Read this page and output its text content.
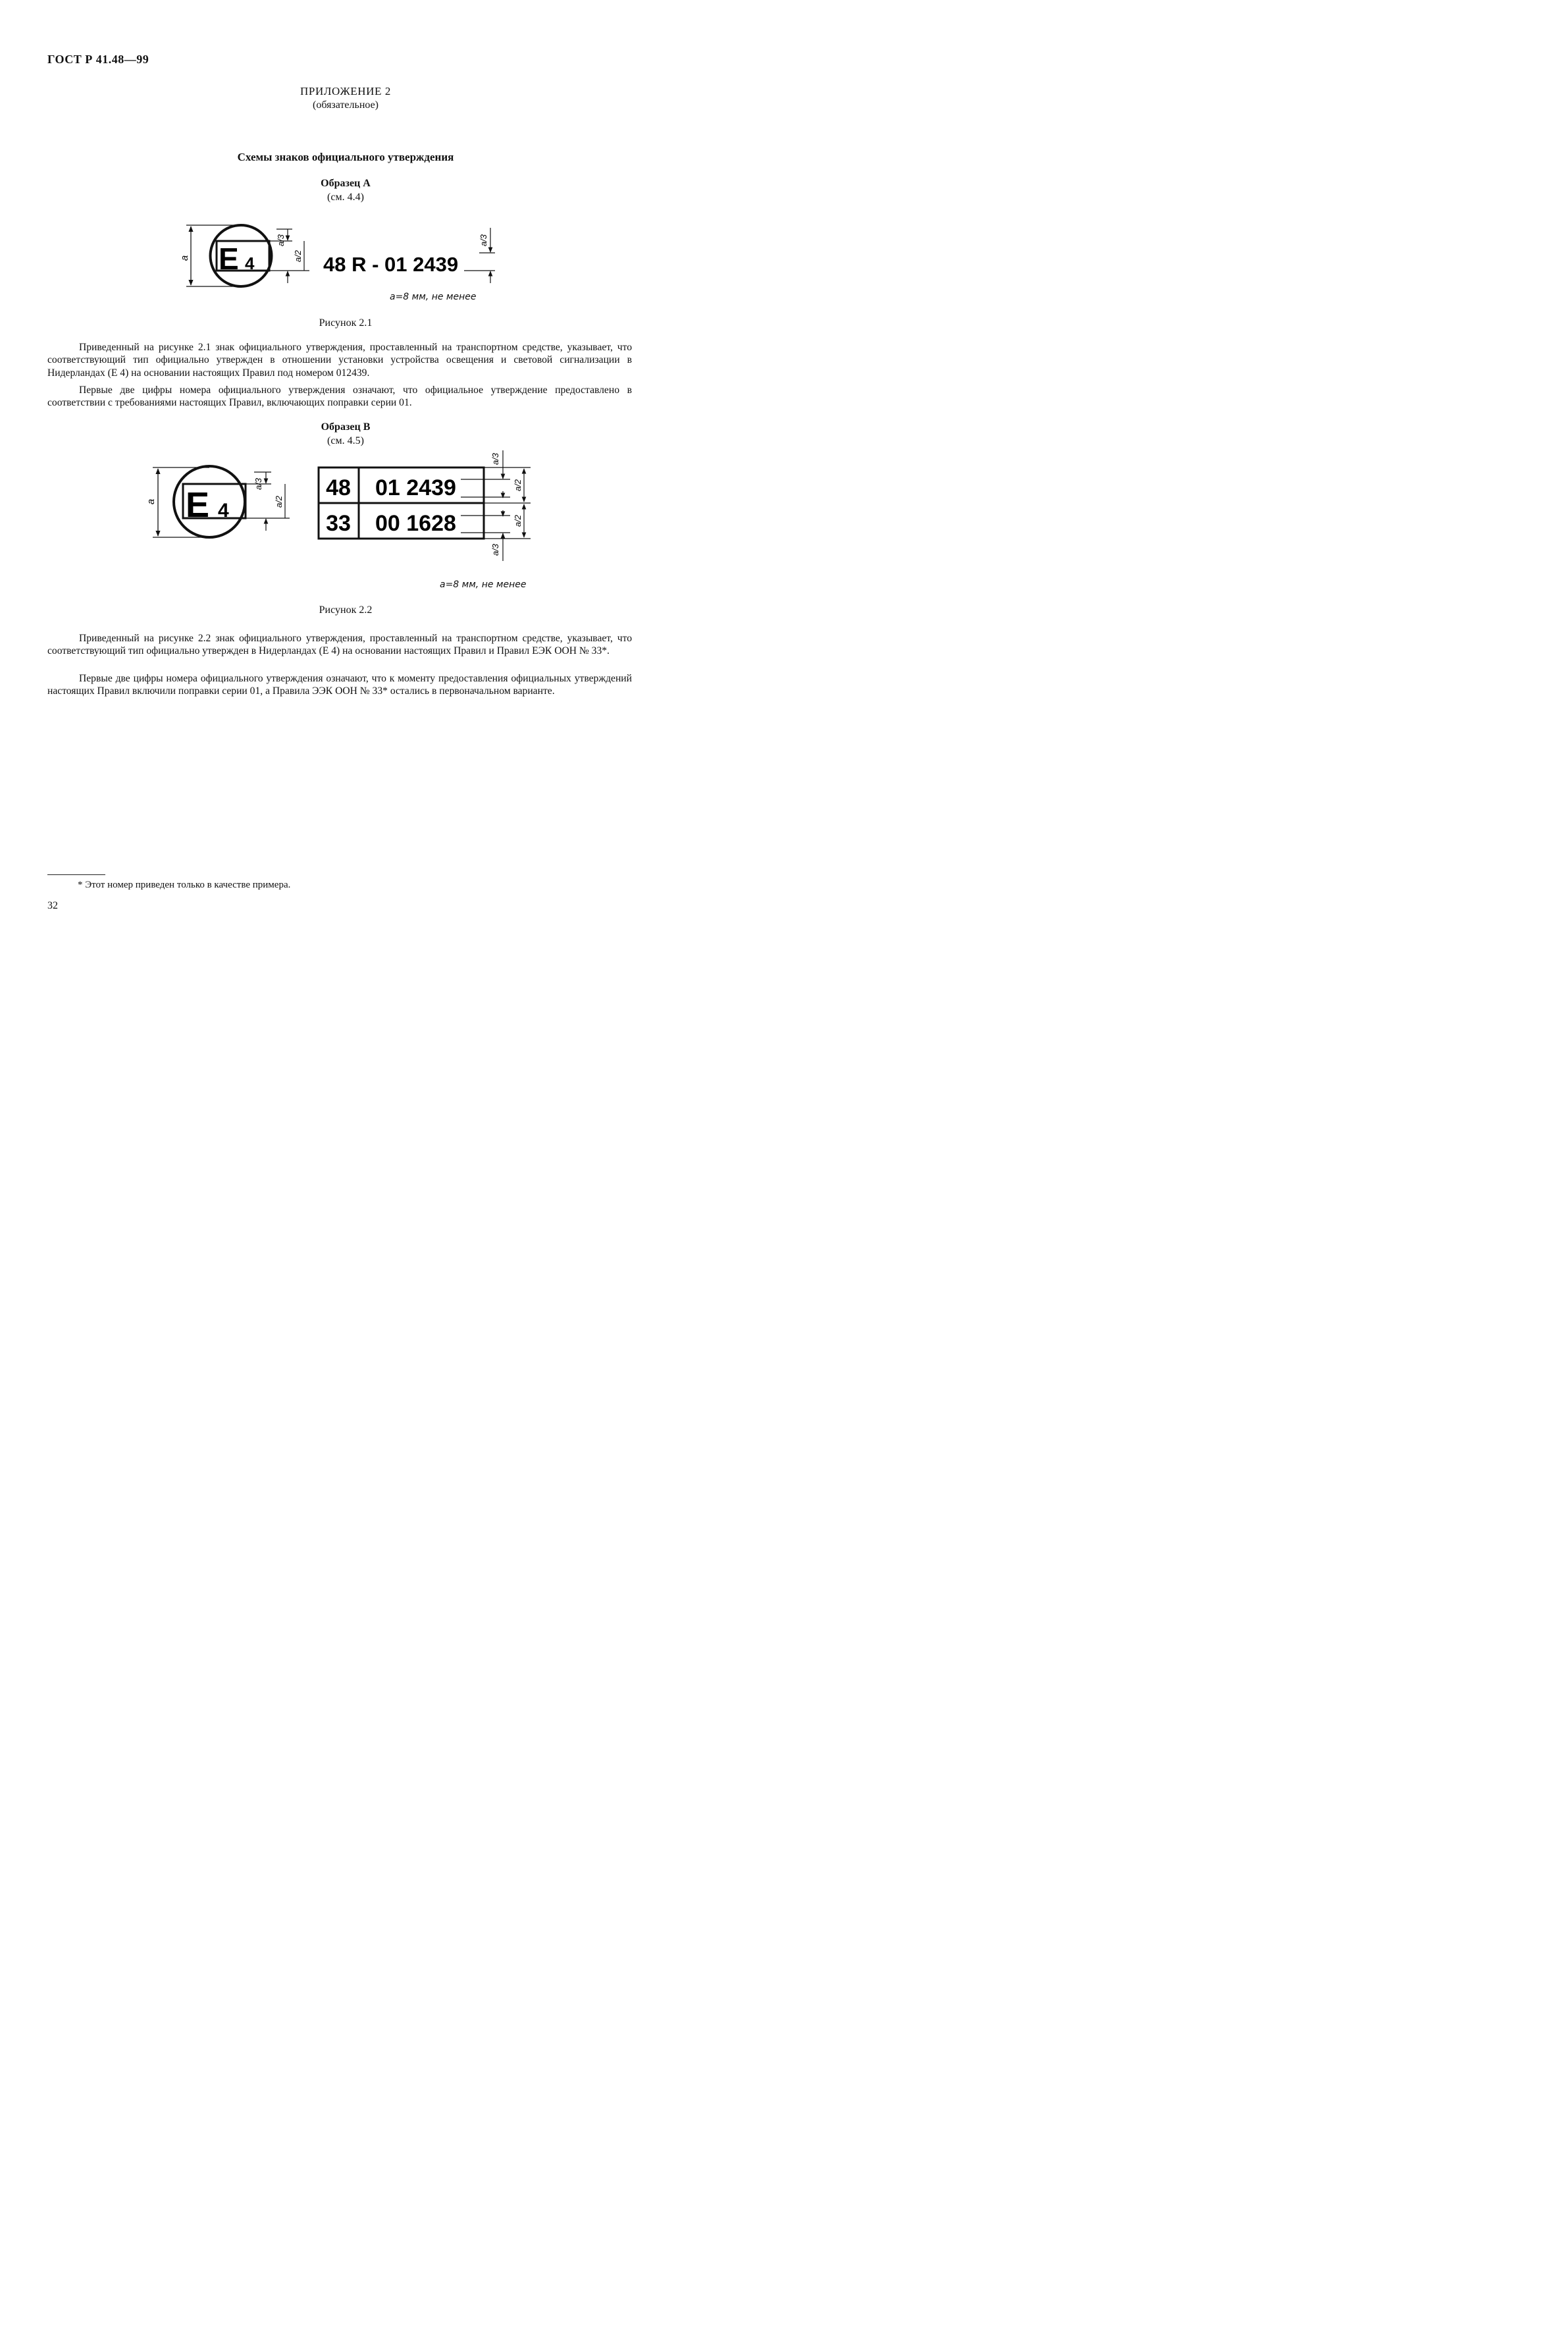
ГОСТ Р 41.48—99
ПРИЛОЖЕНИЕ 2
(обязательное)
Схемы знаков официального утверждения
Образец А
(см. 4.4)
a E 4
a/3
a/2 48 R - 01 2439
a/3
a=8 мм, не менее
Рисунок 2.1

Приведенный на рисунке 2.1 знак официального утверждения, проставленный на транспортном средстве, указывает, что соответствующий тип официально утвержден в отношении установки устройства освещения и световой сигнализации в Нидерландах (Е 4) на основании настоящих Правил под номером 012439.

Первые две цифры номера официального утверждения означают, что официальное утверждение предоставлено в соответствии с требованиями настоящих Правил, включающих поправки серии 01.

Образец В
(см. 4.5)
a E 4
a/3
a/2
48 01 2439
33 00 1628
a/3
a/2
a/2
a/3
a=8 мм, не менее
Рисунок 2.2

Приведенный на рисунке 2.2 знак официального утверждения, проставленный на транспортном средстве, указывает, что соответствующий тип официально утвержден в Нидерландах (Е 4) на основании настоящих Правил и Правил ЕЭК ООН № 33*.

Первые две цифры номера официального утверждения означают, что к моменту предоставления официальных утверждений настоящих Правил включили поправки серии 01, а Правила ЭЭК ООН № 33* остались в первоначальном варианте.

* Этот номер приведен только в качестве примера.
32
